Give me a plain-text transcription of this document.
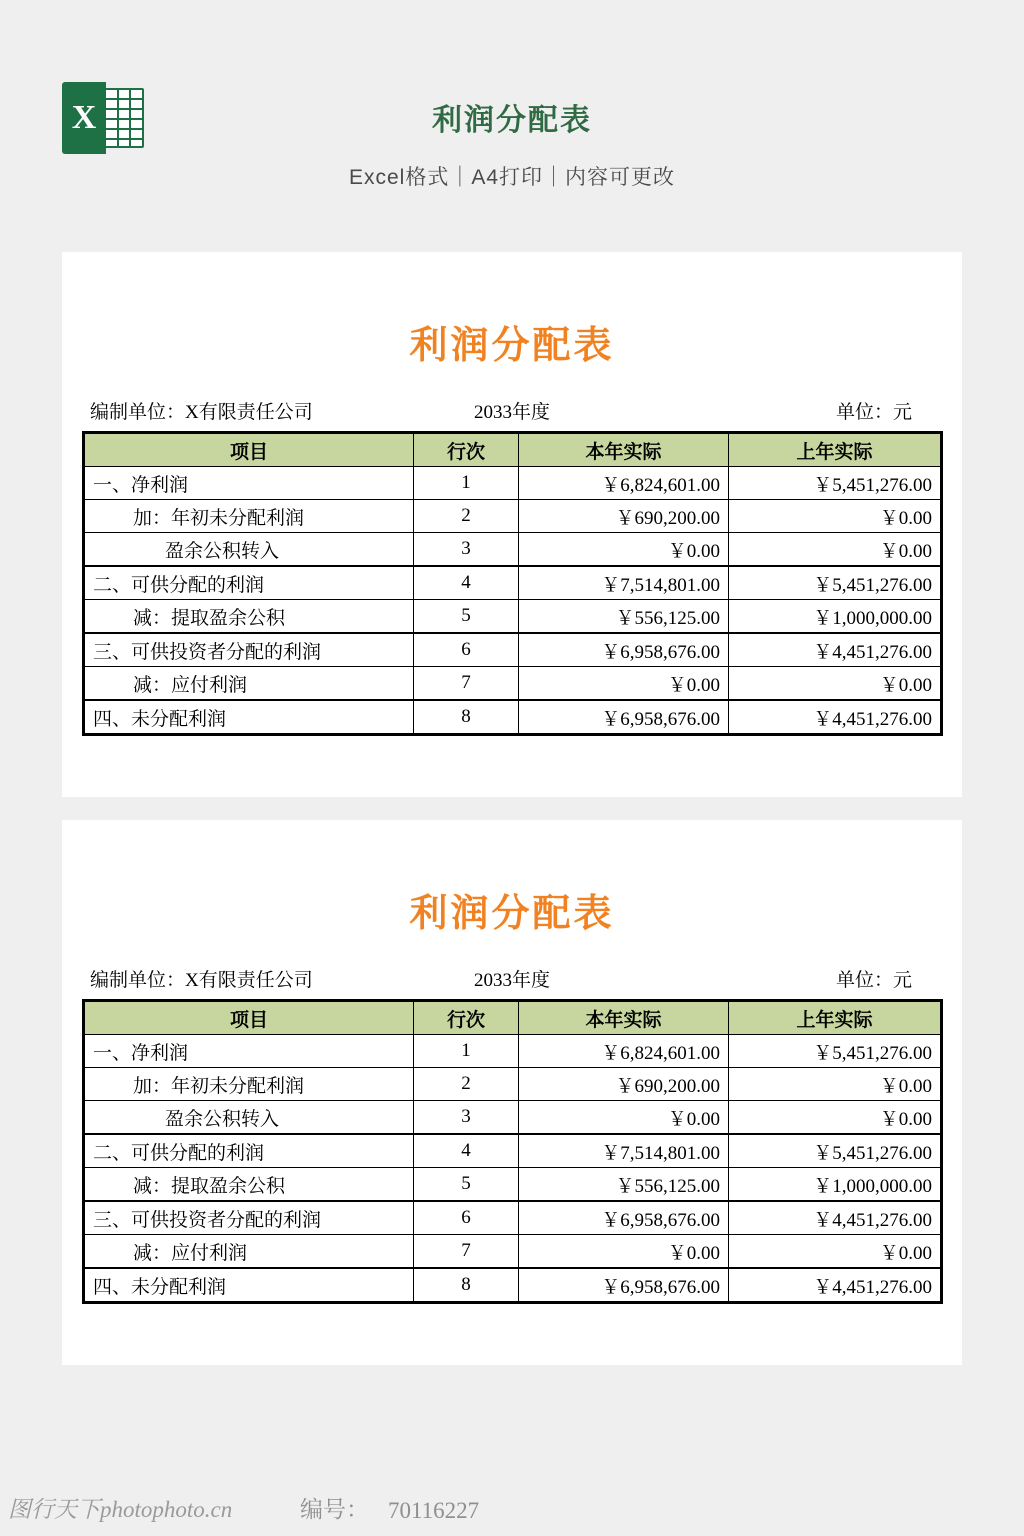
X	利润分配表
Excel格式｜A4打印｜内容可更改
利润分配表
编制单位：X有限责任公司	2033年度	单位：元
项目	行次	本年实际	上年实际
一、净利润	1	￥6,824,601.00	￥5,451,276.00
加：年初未分配利润	2	￥690,200.00	￥0.00
盈余公积转入	3	￥0.00	￥0.00
二、可供分配的利润	4	￥7,514,801.00	￥5,451,276.00
减：提取盈余公积	5	￥556,125.00	￥1,000,000.00
三、可供投资者分配的利润	6	￥6,958,676.00	￥4,451,276.00
减：应付利润	7	￥0.00	￥0.00
四、未分配利润	8	￥6,958,676.00	￥4,451,276.00
利润分配表
编制单位：X有限责任公司	2033年度	单位：元
项目	行次	本年实际	上年实际
一、净利润	1	￥6,824,601.00	￥5,451,276.00
加：年初未分配利润	2	￥690,200.00	￥0.00
盈余公积转入	3	￥0.00	￥0.00
二、可供分配的利润	4	￥7,514,801.00	￥5,451,276.00
减：提取盈余公积	5	￥556,125.00	￥1,000,000.00
三、可供投资者分配的利润	6	￥6,958,676.00	￥4,451,276.00
减：应付利润	7	￥0.00	￥0.00
四、未分配利润	8	￥6,958,676.00	￥4,451,276.00
图行天下photophoto.cn	编号： 70116227
